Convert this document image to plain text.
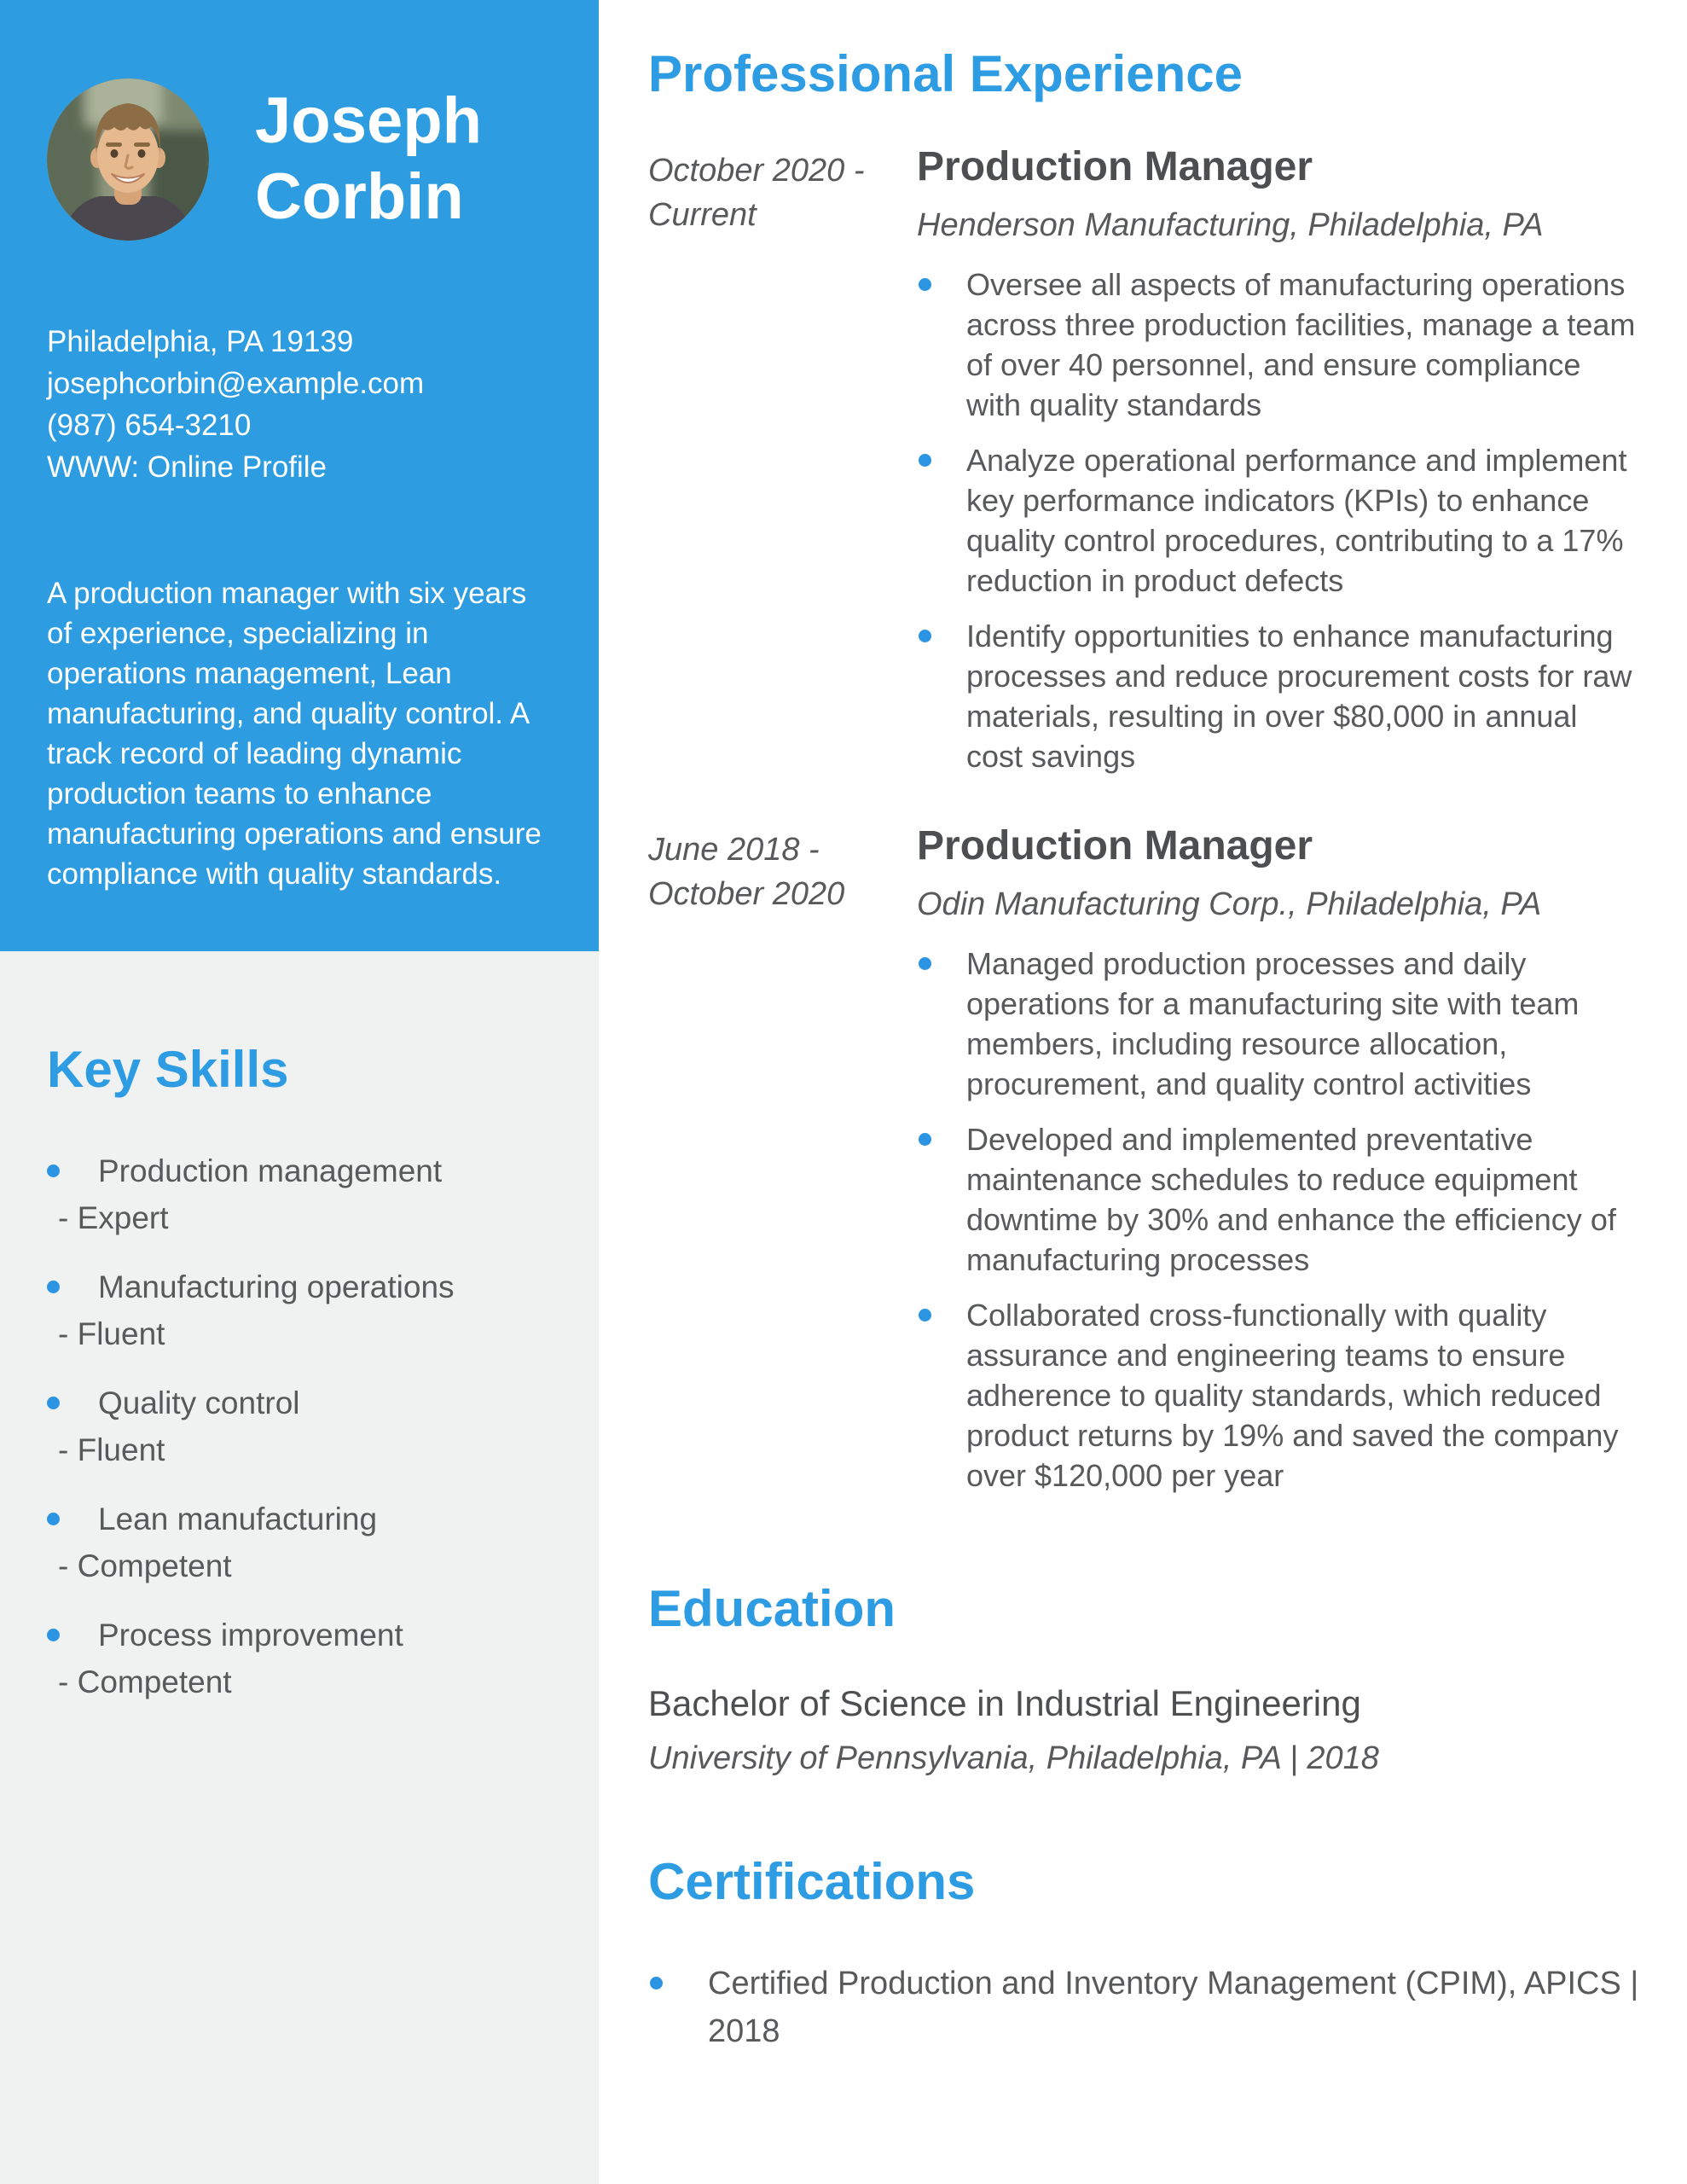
Joseph
Corbin
Philadelphia, PA 19139
josephcorbin@example.com
(987) 654-3210
WWW: Online Profile

A production manager with six years of experience, specializing in operations management, Lean manufacturing, and quality control. A track record of leading dynamic production teams to enhance manufacturing operations and ensure compliance with quality standards.

Key Skills
Production management
- Expert
Manufacturing operations
- Fluent
Quality control
- Fluent
Lean manufacturing
- Competent
Process improvement
- Competent
Professional Experience
October 2020 - Current
Production Manager

Henderson Manufacturing, Philadelphia, PA

Oversee all aspects of manufacturing operations across three production facilities, manage a team of over 40 personnel, and ensure compliance with quality standards
Analyze operational performance and implement key performance indicators (KPIs) to enhance quality control procedures, contributing to a 17% reduction in product defects
Identify opportunities to enhance manufacturing processes and reduce procurement costs for raw materials, resulting in over $80,000 in annual cost savings
June 2018 - October 2020
Production Manager

Odin Manufacturing Corp., Philadelphia, PA

Managed production processes and daily operations for a manufacturing site with team members, including resource allocation, procurement, and quality control activities
Developed and implemented preventative maintenance schedules to reduce equipment downtime by 30% and enhance the efficiency of manufacturing processes
Collaborated cross-functionally with quality assurance and engineering teams to ensure adherence to quality standards, which reduced product returns by 19% and saved the company over $120,000 per year
Education

Bachelor of Science in Industrial Engineering

University of Pennsylvania, Philadelphia, PA | 2018

Certifications
Certified Production and Inventory Management (CPIM), APICS | 2018
